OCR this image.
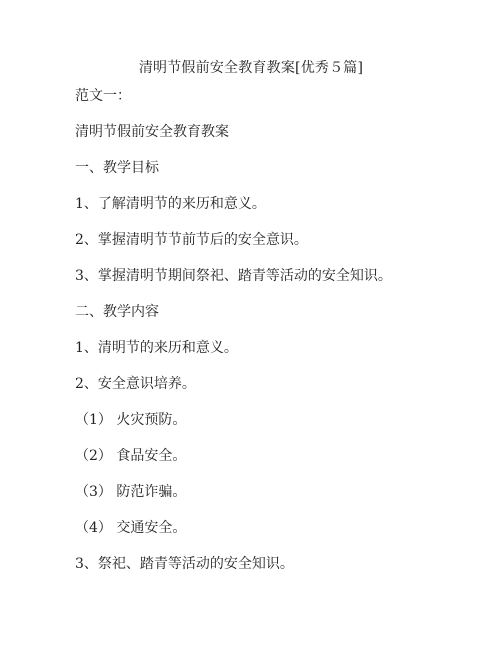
清明节假前安全教育教案[优秀５篇]
范文一：
清明节假前安全教育教案
一、教学目标
1、了解清明节的来历和意义。
2、掌握清明节节前节后的安全意识。
3、掌握清明节期间祭祀、踏青等活动的安全知识。
二、教学内容
1、清明节的来历和意义。
2、安全意识培养。
（1） 火灾预防。
（2） 食品安全。
（3） 防范诈骗。
（4） 交通安全。
3、祭祀、踏青等活动的安全知识。
